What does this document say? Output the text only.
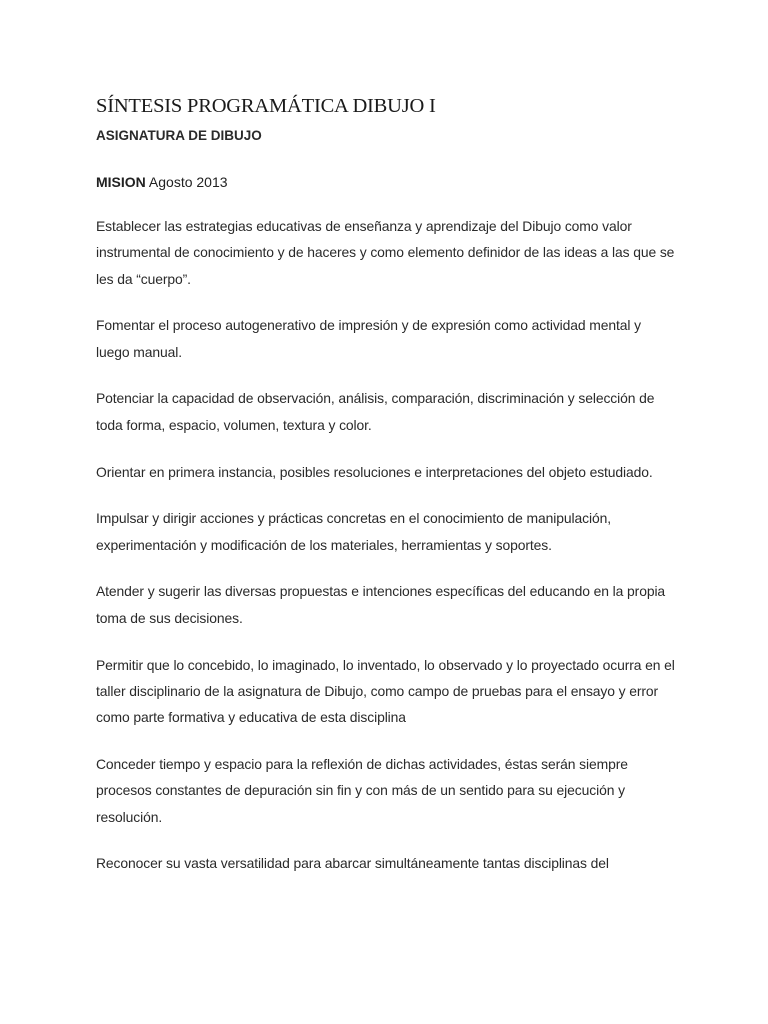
SÍNTESIS PROGRAMÁTICA DIBUJO I
ASIGNATURA DE DIBUJO
MISION Agosto 2013

Establecer las estrategias educativas de enseñanza y aprendizaje del Dibujo como valor instrumental de conocimiento y de haceres y como elemento definidor de las ideas a las que se les da “cuerpo”.

Fomentar el proceso autogenerativo de impresión y de expresión como actividad mental y luego manual.

Potenciar la capacidad de observación, análisis, comparación, discriminación y selección de toda forma, espacio, volumen, textura y color.

Orientar en primera instancia, posibles resoluciones e interpretaciones del objeto estudiado.

Impulsar y dirigir acciones y prácticas concretas en el conocimiento de manipulación, experimentación y modificación de los materiales, herramientas y soportes.

Atender y sugerir las diversas propuestas e intenciones específicas del educando en la propia toma de sus decisiones.

Permitir que lo concebido, lo imaginado, lo inventado, lo observado y lo proyectado ocurra en el taller disciplinario de la asignatura de Dibujo, como campo de pruebas para el ensayo y error como parte formativa y educativa de esta disciplina

Conceder tiempo y espacio para la reflexión de dichas actividades, éstas serán siempre procesos constantes de depuración sin fin y con más de un sentido para su ejecución y resolución.

Reconocer su vasta versatilidad para abarcar simultáneamente tantas disciplinas del
